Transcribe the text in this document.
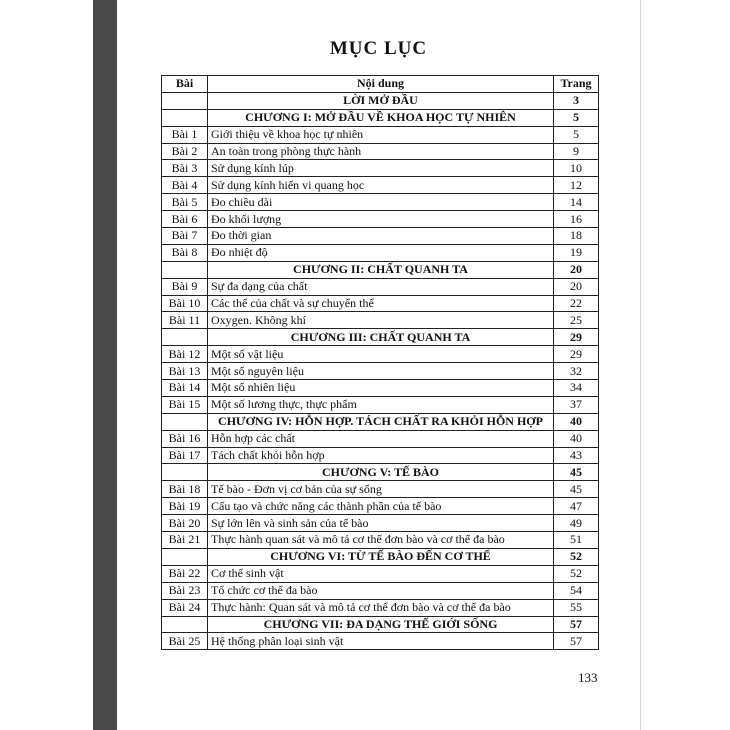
MỤC LỤC
Bài	Nội dung	Trang
	LỜI MỞ ĐẦU	3
	CHƯƠNG I: MỞ ĐẦU VỀ KHOA HỌC TỰ NHIÊN	5
Bài 1	Giới thiệu về khoa học tự nhiên	5
Bài 2	An toàn trong phòng thực hành	9
Bài 3	Sử dụng kính lúp	10
Bài 4	Sử dụng kính hiển vi quang học	12
Bài 5	Đo chiều dài	14
Bài 6	Đo khối lượng	16
Bài 7	Đo thời gian	18
Bài 8	Đo nhiệt độ	19
	CHƯƠNG II: CHẤT QUANH TA	20
Bài 9	Sự đa dạng của chất	20
Bài 10	Các thể của chất và sự chuyển thể	22
Bài 11	Oxygen. Không khí	25
	CHƯƠNG III: CHẤT QUANH TA	29
Bài 12	Một số vật liệu	29
Bài 13	Một số nguyên liệu	32
Bài 14	Một số nhiên liệu	34
Bài 15	Một số lương thực, thực phẩm	37
	CHƯƠNG IV: HỖN HỢP. TÁCH CHẤT RA KHỎI HỖN HỢP	40
Bài 16	Hỗn hợp các chất	40
Bài 17	Tách chất khỏi hỗn hợp	43
	CHƯƠNG V: TẾ BÀO	45
Bài 18	Tế bào - Đơn vị cơ bản của sự sống	45
Bài 19	Cấu tạo và chức năng các thành phần của tế bào	47
Bài 20	Sự lớn lên và sinh sản của tế bào	49
Bài 21	Thực hành quan sát và mô tả cơ thể đơn bào và cơ thể đa bào	51
	CHƯƠNG VI: TỪ TẾ BÀO ĐẾN CƠ THỂ	52
Bài 22	Cơ thể sinh vật	52
Bài 23	Tổ chức cơ thể đa bào	54
Bài 24	Thực hành: Quan sát và mô tả cơ thể đơn bào và cơ thể đa bào	55
	CHƯƠNG VII: ĐA DẠNG THẾ GIỚI SỐNG	57
Bài 25	Hệ thống phân loại sinh vật	57
133
